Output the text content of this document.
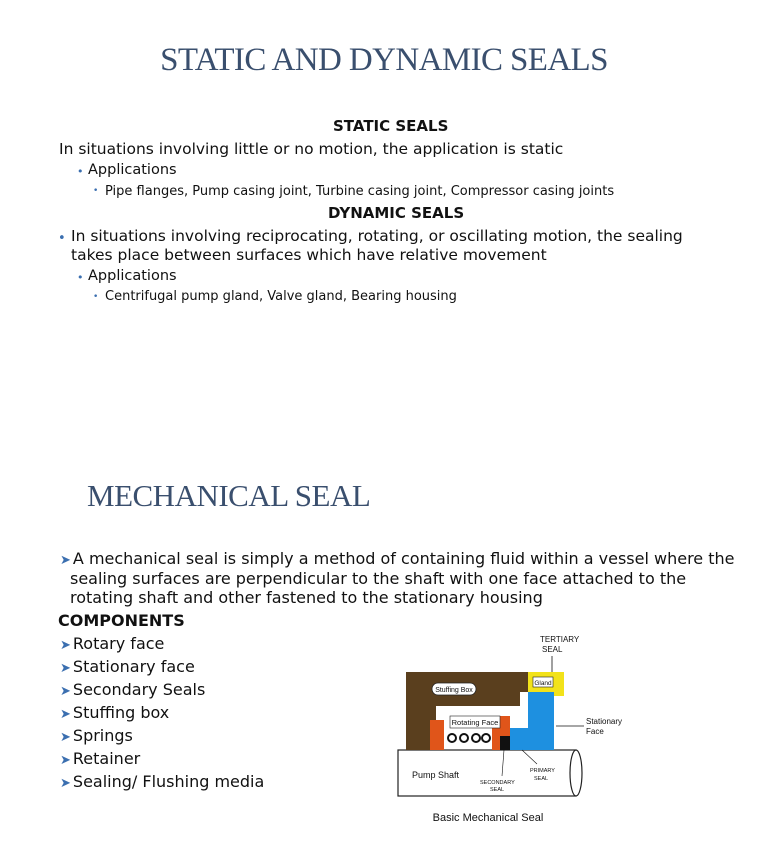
STATIC AND DYNAMIC SEALS
STATIC SEALS
In situations involving little or no motion, the application is static
• Applications
• Pipe flanges, Pump casing joint, Turbine casing joint, Compressor casing joints
DYNAMIC SEALS
• In situations involving reciprocating, rotating, or oscillating motion, the sealing
takes place between surfaces which have relative movement
• Applications
• Centrifugal pump gland, Valve gland, Bearing housing
MECHANICAL SEAL
➤ A mechanical seal is simply a method of containing fluid within a vessel where the
sealing surfaces are perpendicular to the shaft with one face attached to the
rotating shaft and other fastened to the stationary housing
COMPONENTS
➤ Rotary face
➤ Stationary face
➤ Secondary Seals
➤ Stuffing box
➤ Springs
➤ Retainer
➤ Sealing/ Flushing media
Stuffing Box
Gland
Rotating Face
TERTIARY
SEAL
Stationary
Face
Pump Shaft
SECONDARY
SEAL
PRIMARY
SEAL
Basic Mechanical Seal
